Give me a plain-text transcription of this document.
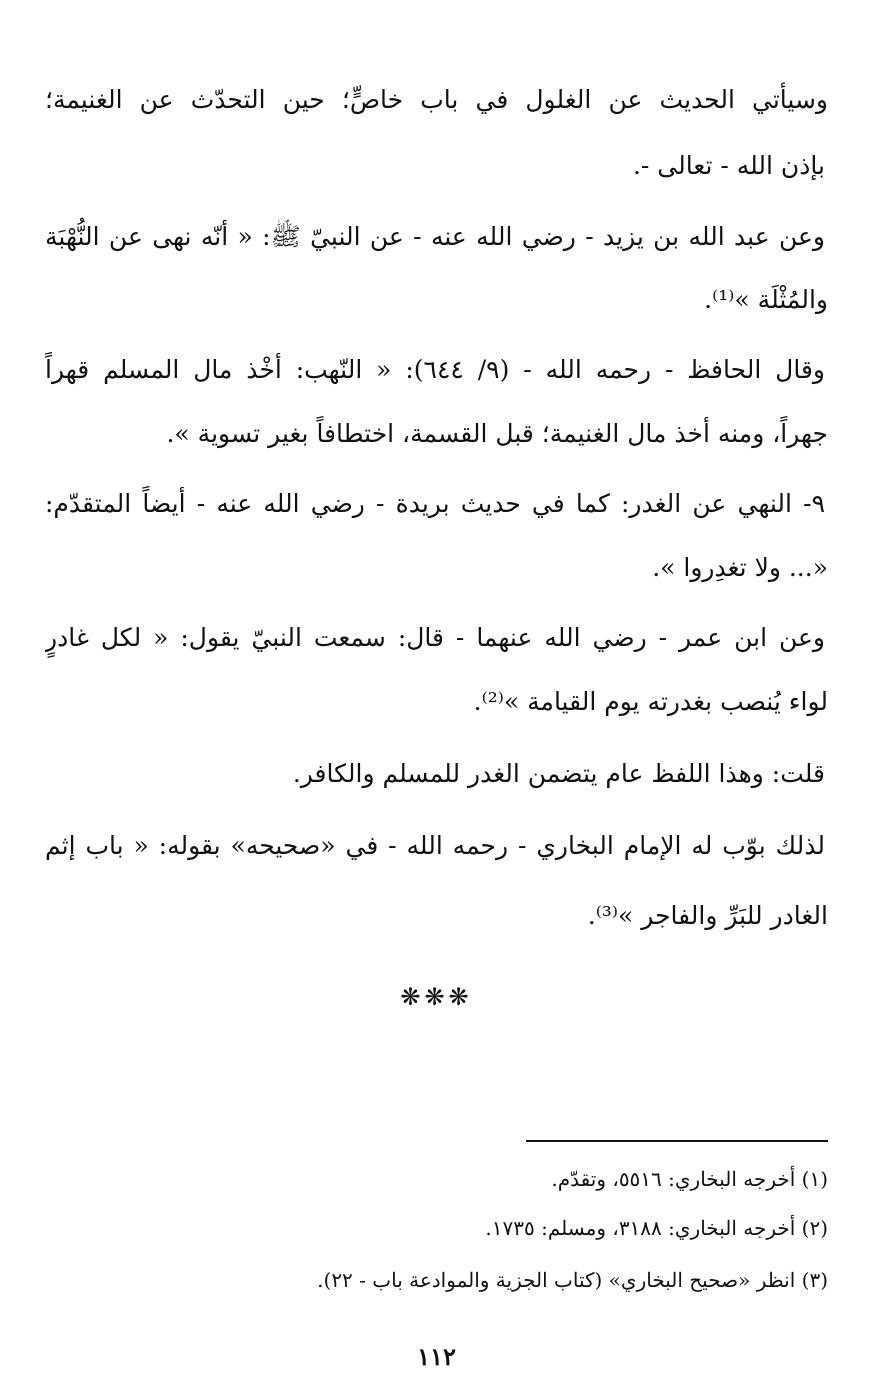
وسيأتي الحديث عن الغلول في باب خاصٍّ؛ حين التحدّث عن الغنيمة؛
بإذن الله - تعالى -.
وعن عبد الله بن يزيد - رضي الله عنه - عن النبيّ ﷺ: « أنّه نهى عن النُّهْبَة
والمُثْلَة »⁽¹⁾.
وقال الحافظ - رحمه الله - (٩/ ٦٤٤): « النّهب: أخْذ مال المسلم قهراً
جهراً، ومنه أخذ مال الغنيمة؛ قبل القسمة، اختطافاً بغير تسوية ».
٩- النهي عن الغدر: كما في حديث بريدة - رضي الله عنه - أيضاً المتقدّم:
«... ولا تغدِروا ».
وعن ابن عمر - رضي الله عنهما - قال: سمعت النبيّ يقول: « لكل غادرٍ
لواء يُنصب بغدرته يوم القيامة »⁽²⁾.
قلت: وهذا اللفظ عام يتضمن الغدر للمسلم والكافر.
لذلك بوّب له الإمام البخاري - رحمه الله - في «صحيحه» بقوله: « باب إثم
الغادر للبَرِّ والفاجر »⁽³⁾.
❋❋❋
(١) أخرجه البخاري: ٥٥١٦، وتقدّم.
(٢) أخرجه البخاري: ٣١٨٨، ومسلم: ١٧٣٥.
(٣) انظر «صحيح البخاري» (كتاب الجزية والموادعة باب - ٢٢).
١١٢
